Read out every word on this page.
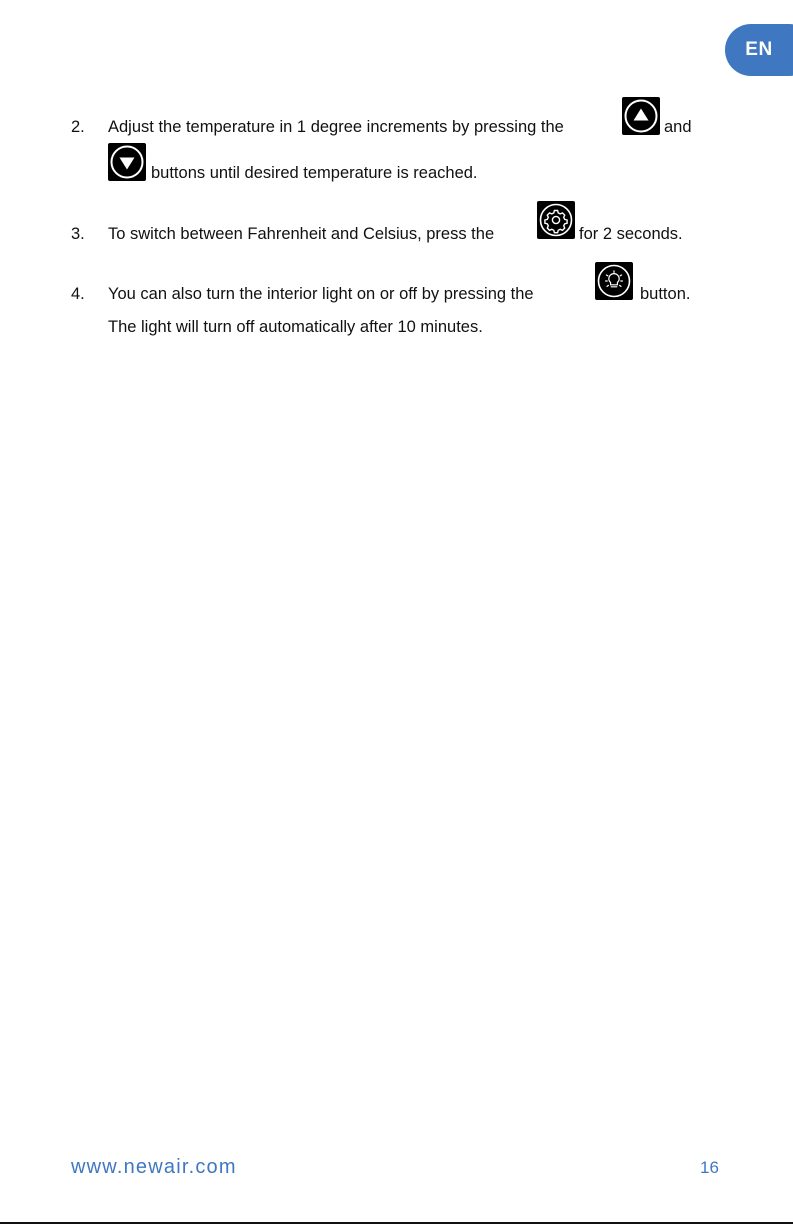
EN
2. Adjust the temperature in 1 degree increments by pressing the	and
buttons until desired temperature is reached.
3. To switch between Fahrenheit and Celsius, press the	for 2 seconds.
4. You can also turn the interior light on or off by pressing the	button.
The light will turn off automatically after 10 minutes.
www.newair.com	16
